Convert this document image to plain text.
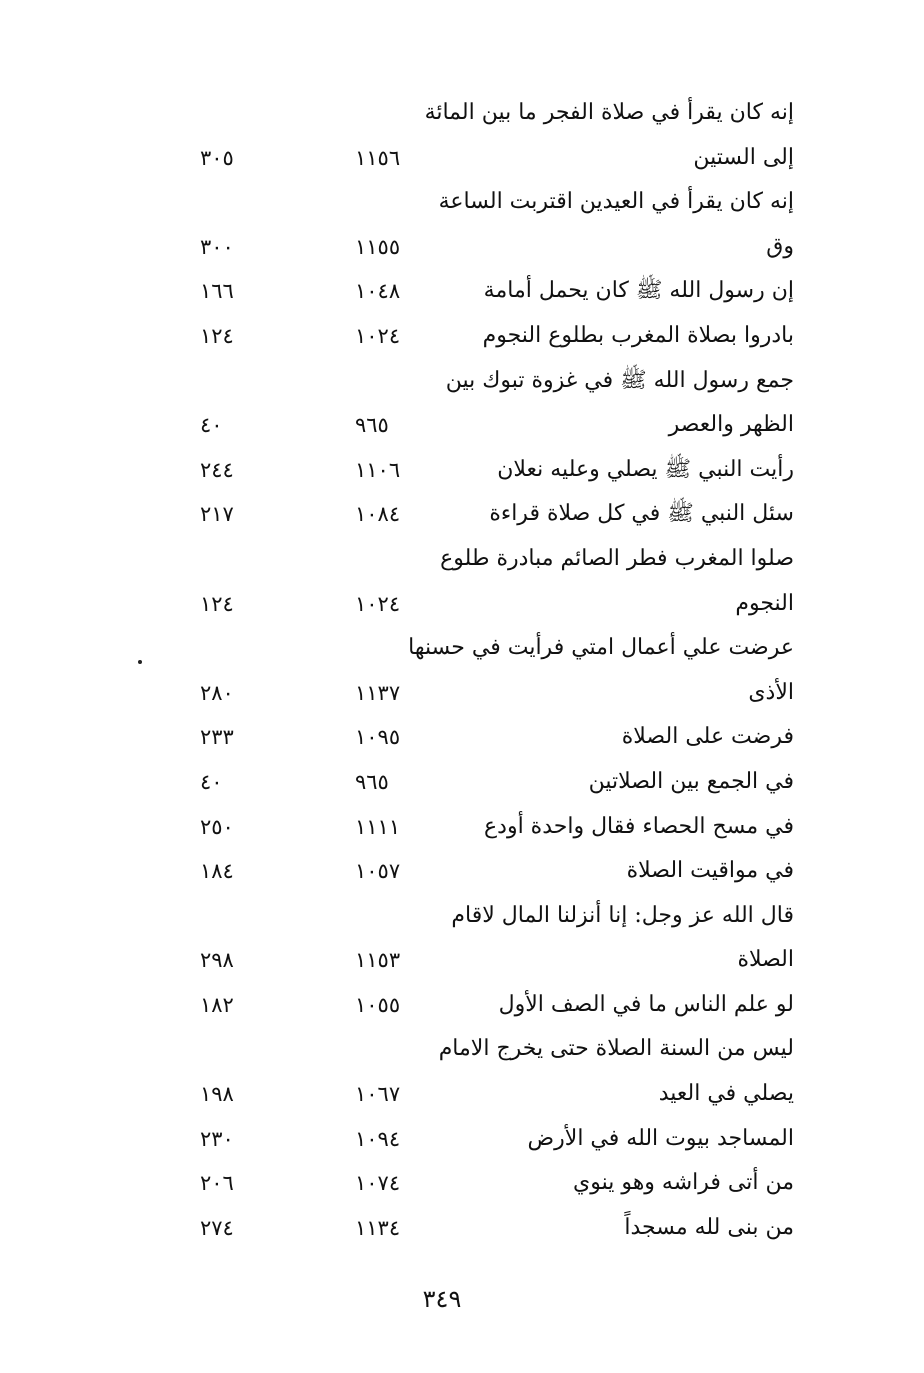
إنه كان يقرأ في صلاة الفجر ما بين المائة
إلى الستين
١١٥٦
٣٠٥
إنه كان يقرأ في العيدين اقتربت الساعة
وق
١١٥٥
٣٠٠
إن رسول الله ﷺ كان يحمل أمامة
١٠٤٨
١٦٦
بادروا بصلاة المغرب بطلوع النجوم
١٠٢٤
١٢٤
جمع رسول الله ﷺ في غزوة تبوك بين
الظهر والعصر
٩٦٥
٤٠
رأيت النبي ﷺ يصلي وعليه نعلان
١١٠٦
٢٤٤
سئل النبي ﷺ في كل صلاة قراءة
١٠٨٤
٢١٧
صلوا المغرب فطر الصائم مبادرة طلوع
النجوم
١٠٢٤
١٢٤
عرضت علي أعمال امتي فرأيت في حسنها
الأذى
١١٣٧
٢٨٠
فرضت على الصلاة
١٠٩٥
٢٣٣
في الجمع بين الصلاتين
٩٦٥
٤٠
في مسح الحصاء فقال واحدة أودع
١١١١
٢٥٠
في مواقيت الصلاة
١٠٥٧
١٨٤
قال الله عز وجل: إنا أنزلنا المال لاقام
الصلاة
١١٥٣
٢٩٨
لو علم الناس ما في الصف الأول
١٠٥٥
١٨٢
ليس من السنة الصلاة حتى يخرج الامام
يصلي في العيد
١٠٦٧
١٩٨
المساجد بيوت الله في الأرض
١٠٩٤
٢٣٠
من أتى فراشه وهو ينوي
١٠٧٤
٢٠٦
من بنى لله مسجداً
١١٣٤
٢٧٤
٣٤٩
